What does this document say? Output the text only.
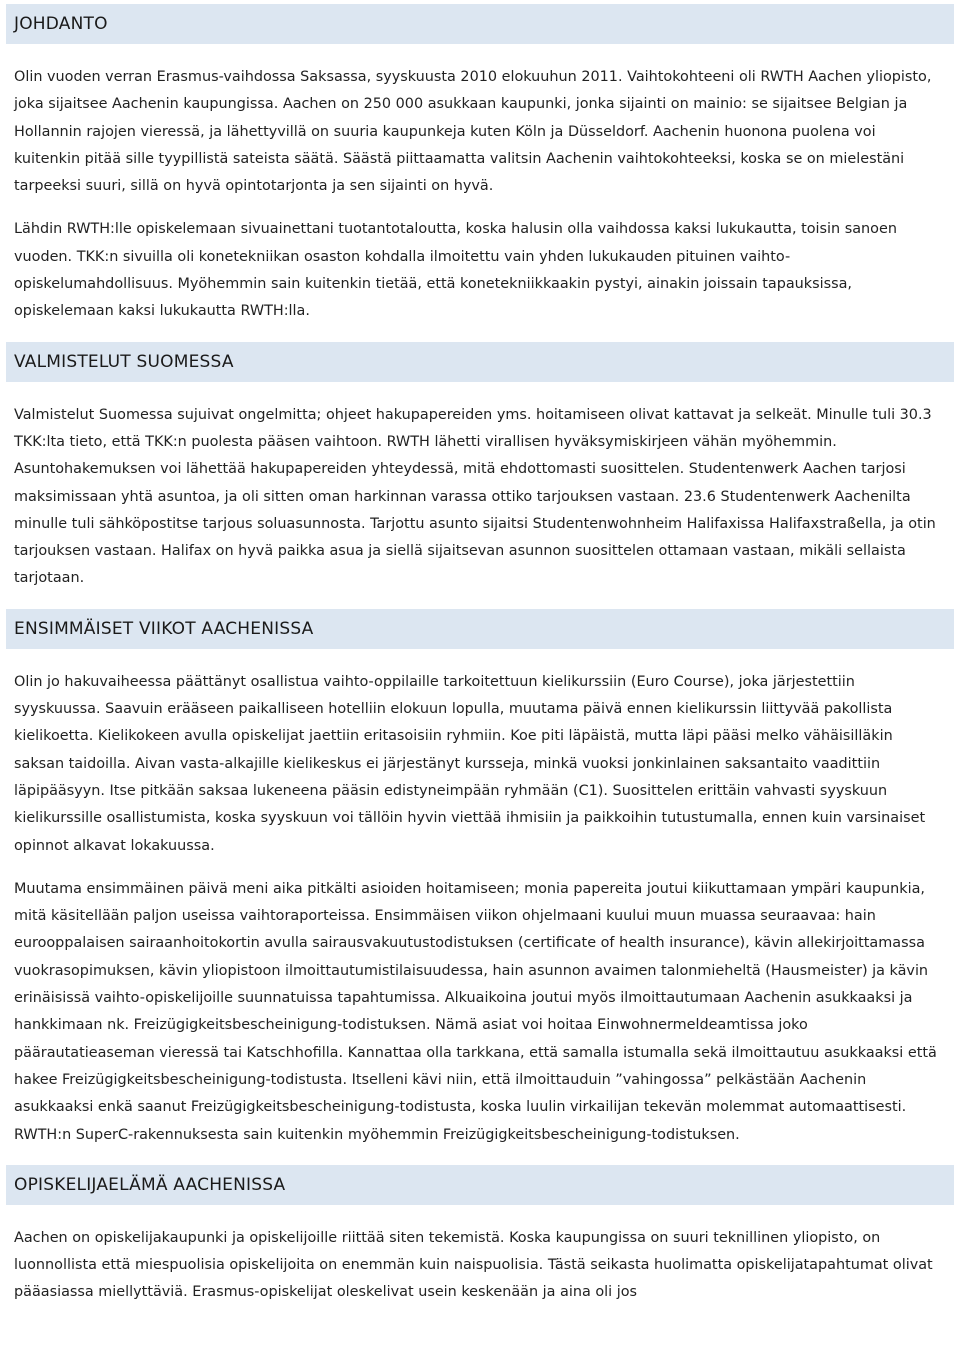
JOHDANTO

Olin vuoden verran Erasmus-vaihdossa Saksassa, syyskuusta 2010 elokuuhun 2011. Vaihtokohteeni oli RWTH Aachen yliopisto, joka sijaitsee Aachenin kaupungissa. Aachen on 250 000 asukkaan kaupunki, jonka sijainti on mainio: se sijaitsee Belgian ja Hollannin rajojen vieressä, ja lähettyvillä on suuria kaupunkeja kuten Köln ja Düsseldorf. Aachenin huonona puolena voi kuitenkin pitää sille tyypillistä sateista säätä. Säästä piittaamatta valitsin Aachenin vaihtokohteeksi, koska se on mielestäni tarpeeksi suuri, sillä on hyvä opintotarjonta ja sen sijainti on hyvä.

Lähdin RWTH:lle opiskelemaan sivuainettani tuotantotaloutta, koska halusin olla vaihdossa kaksi lukukautta, toisin sanoen vuoden. TKK:n sivuilla oli konetekniikan osaston kohdalla ilmoitettu vain yhden lukukauden pituinen vaihto-opiskelumahdollisuus. Myöhemmin sain kuitenkin tietää, että konetekniikkaakin pystyi, ainakin joissain tapauksissa, opiskelemaan kaksi lukukautta RWTH:lla.

VALMISTELUT SUOMESSA

Valmistelut Suomessa sujuivat ongelmitta; ohjeet hakupapereiden yms. hoitamiseen olivat kattavat ja selkeät. Minulle tuli 30.3 TKK:lta tieto, että TKK:n puolesta pääsen vaihtoon. RWTH lähetti virallisen hyväksymiskirjeen vähän myöhemmin. Asuntohakemuksen voi lähettää hakupapereiden yhteydessä, mitä ehdottomasti suosittelen. Studentenwerk Aachen tarjosi maksimissaan yhtä asuntoa, ja oli sitten oman harkinnan varassa ottiko tarjouksen vastaan. 23.6 Studentenwerk Aachenilta minulle tuli sähköpostitse tarjous soluasunnosta. Tarjottu asunto sijaitsi Studentenwohnheim Halifaxissa Halifaxstraßella, ja otin tarjouksen vastaan. Halifax on hyvä paikka asua ja siellä sijaitsevan asunnon suosittelen ottamaan vastaan, mikäli sellaista tarjotaan.

ENSIMMÄISET VIIKOT AACHENISSA

Olin jo hakuvaiheessa päättänyt osallistua vaihto-oppilaille tarkoitettuun kielikurssiin (Euro Course), joka järjestettiin syyskuussa. Saavuin erääseen paikalliseen hotelliin elokuun lopulla, muutama päivä ennen kielikurssin liittyvää pakollista kielikoetta. Kielikokeen avulla opiskelijat jaettiin eritasoisiin ryhmiin. Koe piti läpäistä, mutta läpi pääsi melko vähäisilläkin saksan taidoilla. Aivan vasta-alkajille kielikeskus ei järjestänyt kursseja, minkä vuoksi jonkinlainen saksantaito vaadittiin läpipääsyyn. Itse pitkään saksaa lukeneena pääsin edistyneimpään ryhmään (C1). Suosittelen erittäin vahvasti syyskuun kielikurssille osallistumista, koska syyskuun voi tällöin hyvin viettää ihmisiin ja paikkoihin tutustumalla, ennen kuin varsinaiset opinnot alkavat lokakuussa.

Muutama ensimmäinen päivä meni aika pitkälti asioiden hoitamiseen; monia papereita joutui kiikuttamaan ympäri kaupunkia, mitä käsitellään paljon useissa vaihtoraporteissa. Ensimmäisen viikon ohjelmaani kuului muun muassa seuraavaa: hain eurooppalaisen sairaanhoitokortin avulla sairausvakuutustodistuksen (certificate of health insurance), kävin allekirjoittamassa vuokrasopimuksen, kävin yliopistoon ilmoittautumistilaisuudessa, hain asunnon avaimen talonmieheltä (Hausmeister) ja kävin erinäisissä vaihto-opiskelijoille suunnatuissa tapahtumissa. Alkuaikoina joutui myös ilmoittautumaan Aachenin asukkaaksi ja hankkimaan nk. Freizügigkeitsbescheinigung-todistuksen. Nämä asiat voi hoitaa Einwohnermeldeamtissa joko päärautatieaseman vieressä tai Katschhofilla. Kannattaa olla tarkkana, että samalla istumalla sekä ilmoittautuu asukkaaksi että hakee Freizügigkeitsbescheinigung-todistusta. Itselleni kävi niin, että ilmoittauduin ”vahingossa” pelkästään Aachenin asukkaaksi enkä saanut Freizügigkeitsbescheinigung-todistusta, koska luulin virkailijan tekevän molemmat automaattisesti. RWTH:n SuperC-rakennuksesta sain kuitenkin myöhemmin Freizügigkeitsbescheinigung-todistuksen.

OPISKELIJAELÄMÄ AACHENISSA

Aachen on opiskelijakaupunki ja opiskelijoille riittää siten tekemistä. Koska kaupungissa on suuri teknillinen yliopisto, on luonnollista että miespuolisia opiskelijoita on enemmän kuin naispuolisia. Tästä seikasta huolimatta opiskelijatapahtumat olivat pääasiassa miellyttäviä. Erasmus-opiskelijat oleskelivat usein keskenään ja aina oli jos
